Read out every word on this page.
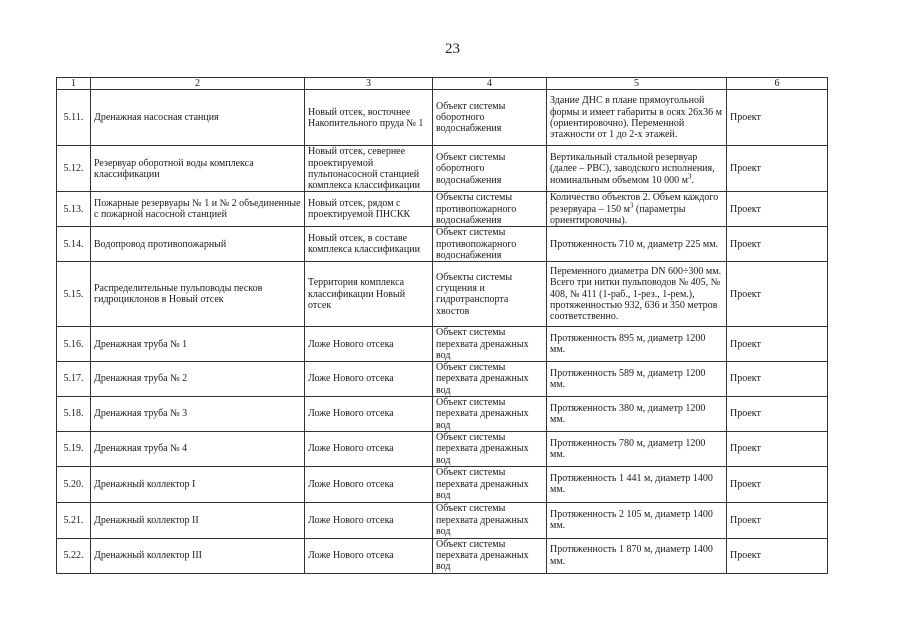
23
1	2	3	4	5	6
5.11.	Дренажная насосная станция	Новый отсек, восточнее Накопительного пруда № 1	Объект системы оборотного водоснабжения	Здание ДНС в плане прямоугольной формы и имеет габариты в осях 26х36 м (ориентировочно). Переменной этажности от 1 до 2-х этажей.	Проект
5.12.	Резервуар оборотной воды комплекса классификации	Новый отсек, севернее проектируемой пульпонасосной станцией комплекса классификации	Объект системы оборотного водоснабжения	Вертикальный стальной резервуар (далее – РВС), заводского исполнения, номинальным объемом 10 000 $м^3$.	Проект
5.13.	Пожарные резервуары № 1 и № 2 объединенные с пожарной насосной станцией	Новый отсек, рядом с проектируемой ПНСКК	Объекты системы противопожарного водоснабжения	Количество объектов 2. Объем каждого резервуара – 150 $м^3$ (параметры ориентировочны).	Проект
5.14.	Водопровод противопожарный	Новый отсек, в составе комплекса классификации	Объект системы противопожарного водоснабжения	Протяженность 710 м, диаметр 225 мм.	Проект
5.15.	Распределительные пульповоды песков гидроциклонов в Новый отсек	Территория комплекса классификации Новый отсек	Объекты системы сгущения и гидротранспорта хвостов	Переменного диаметра DN 600÷300 мм. Всего три нитки пульповодов № 405, № 408, № 411 (1-раб., 1-рез., 1-рем.), протяженностью 932, 636 и 350 метров соответственно.	Проект
5.16.	Дренажная труба № 1	Ложе Нового отсека	Объект системы перехвата дренажных вод	Протяженность 895 м, диаметр 1200 мм.	Проект
5.17.	Дренажная труба № 2	Ложе Нового отсека	Объект системы перехвата дренажных вод	Протяженность 589 м, диаметр 1200 мм.	Проект
5.18.	Дренажная труба № 3	Ложе Нового отсека	Объект системы перехвата дренажных вод	Протяженность 380 м, диаметр 1200 мм.	Проект
5.19.	Дренажная труба № 4	Ложе Нового отсека	Объект системы перехвата дренажных вод	Протяженность 780 м, диаметр 1200 мм.	Проект
5.20.	Дренажный коллектор I	Ложе Нового отсека	Объект системы перехвата дренажных вод	Протяженность 1 441 м, диаметр 1400 мм.	Проект
5.21.	Дренажный коллектор II	Ложе Нового отсека	Объект системы перехвата дренажных вод	Протяженность 2 105 м, диаметр 1400 мм.	Проект
5.22.	Дренажный коллектор III	Ложе Нового отсека	Объект системы перехвата дренажных вод	Протяженность 1 870 м, диаметр 1400 мм.	Проект
